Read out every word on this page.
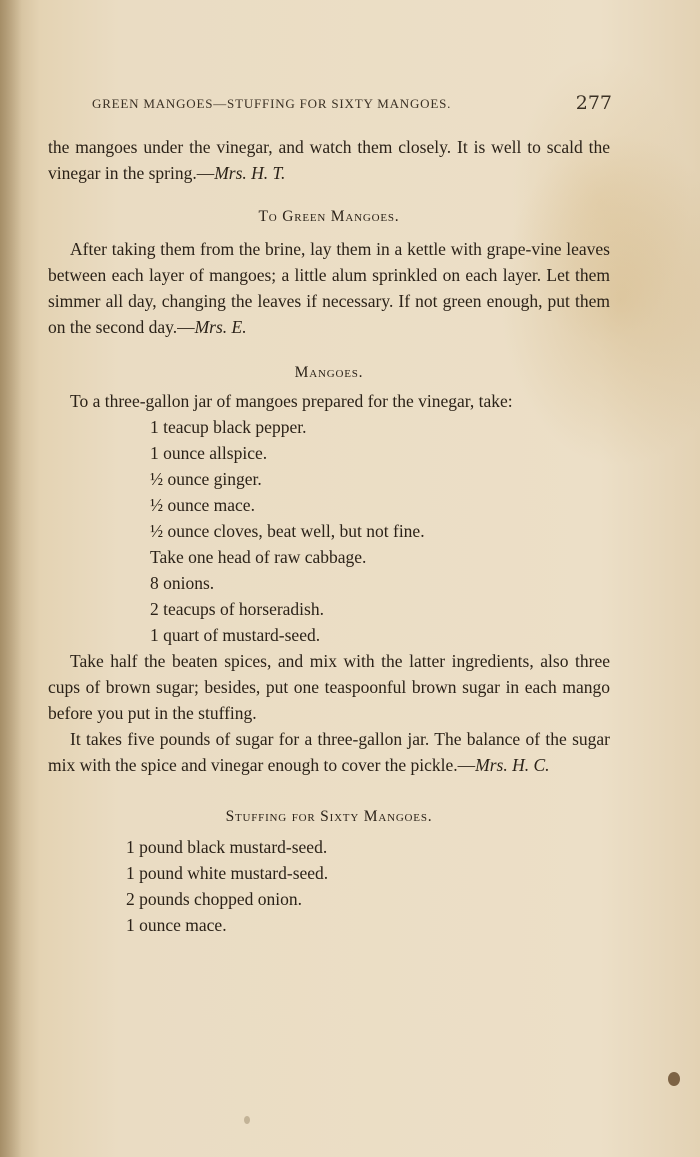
GREEN MANGOES—STUFFING FOR SIXTY MANGOES.	277

the mangoes under the vinegar, and watch them closely. It is well to scald the vinegar in the spring.—Mrs. H. T.

To Green Mangoes.

After taking them from the brine, lay them in a kettle with grape-vine leaves between each layer of mangoes; a little alum sprinkled on each layer. Let them simmer all day, changing the leaves if necessary. If not green enough, put them on the second day.—Mrs. E.

Mangoes.

To a three-gallon jar of mangoes prepared for the vinegar, take:

1 teacup black pepper.
1 ounce allspice.
½ ounce ginger.
½ ounce mace.
½ ounce cloves, beat well, but not fine.
Take one head of raw cabbage.
8 onions.
2 teacups of horseradish.
1 quart of mustard-seed.

Take half the beaten spices, and mix with the latter ingredients, also three cups of brown sugar; besides, put one teaspoonful brown sugar in each mango before you put in the stuffing.

It takes five pounds of sugar for a three-gallon jar. The balance of the sugar mix with the spice and vinegar enough to cover the pickle.—Mrs. H. C.

Stuffing for Sixty Mangoes.

1 pound black mustard-seed.
1 pound white mustard-seed.
2 pounds chopped onion.
1 ounce mace.
